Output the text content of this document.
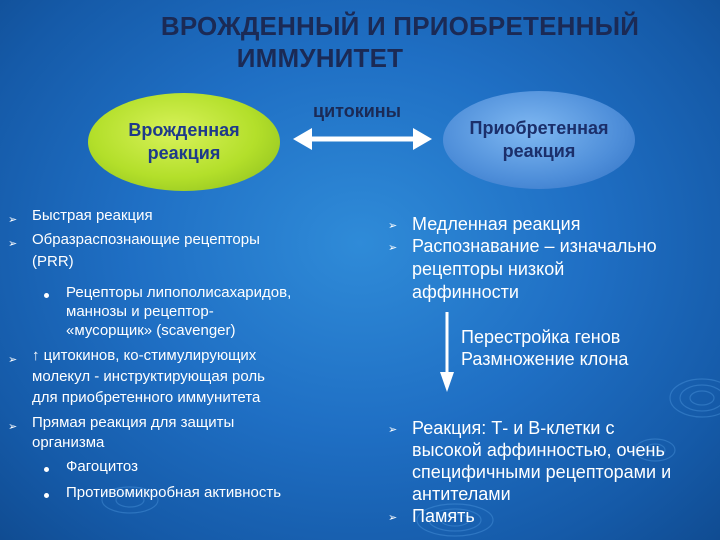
ВРОЖДЕННЫЙ И ПРИОБРЕТЕННЫЙ
ИММУНИТЕТ
Врожденная
реакция
Приобретенная
реакция
цитокины
➢ Быстрая реакция
➢ Образраспознающие рецепторы
(PRR)
Рецепторы липополисахаридов,
маннозы и рецептор-
«мусорщик» (scavenger)
➢ ↑ цитокинов, ко-стимулирующих
молекул - инструктирующая роль
для приобретенного иммунитета
➢ Прямая реакция для защиты
организма
Фагоцитоз
Противомикробная активность
➢ Медленная реакция
➢ Распознавание – изначально
рецепторы низкой
аффинности
➢ Реакция: Т- и В-клетки с
высокой аффинностью, очень
специфичными рецепторами и
антителами
➢ Память
Перестройка генов
Размножение клона
